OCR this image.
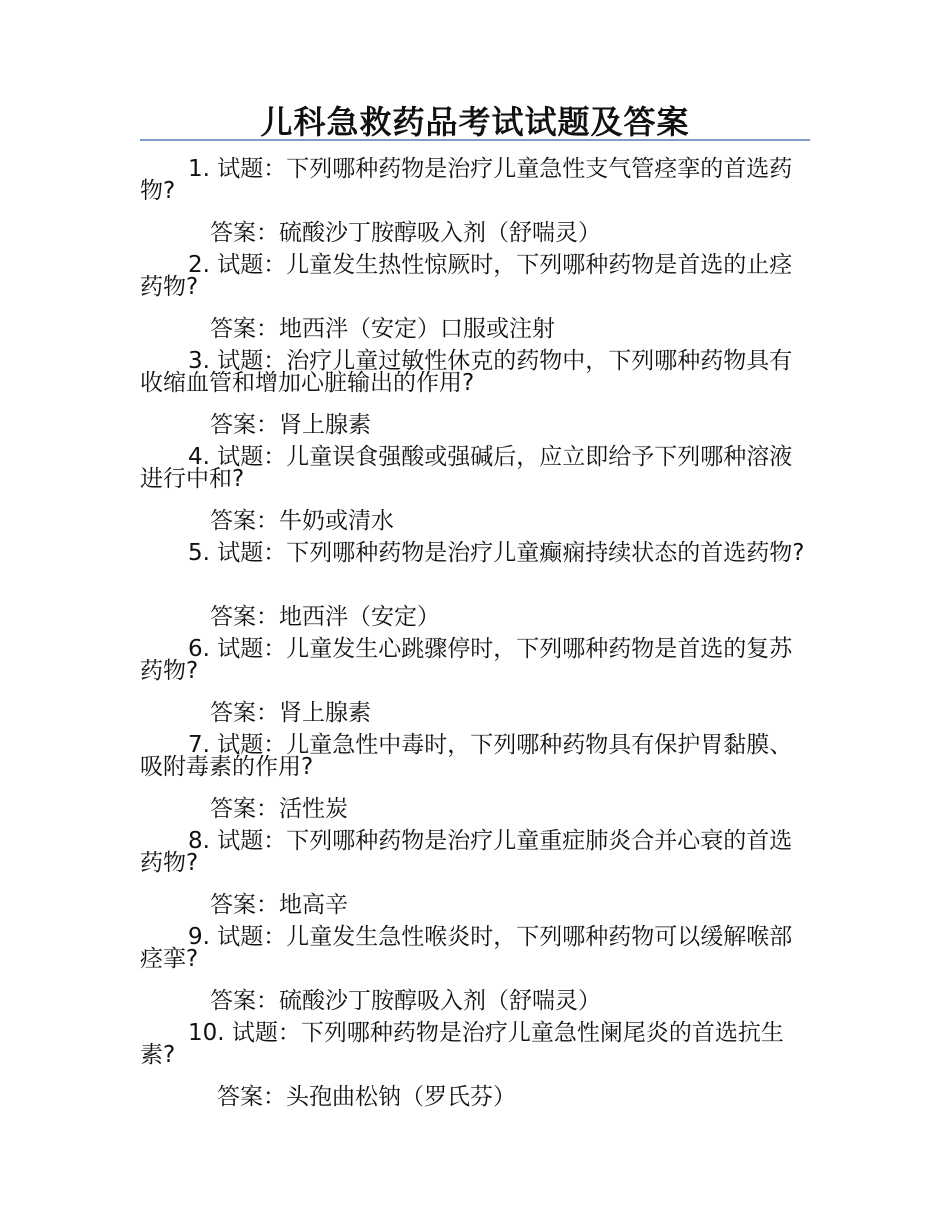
儿科急救药品考试试题及答案
1. 试题：下列哪种药物是治疗儿童急性支气管痉挛的首选药物?
答案：硫酸沙丁胺醇吸入剂（舒喘灵）
2. 试题：儿童发生热性惊厥时，下列哪种药物是首选的止痉药物?
答案：地西泮（安定）口服或注射
3. 试题：治疗儿童过敏性休克的药物中，下列哪种药物具有收缩血管和增加心脏输出的作用?
答案：肾上腺素
4. 试题：儿童误食强酸或强碱后，应立即给予下列哪种溶液进行中和?
答案：牛奶或清水
5. 试题：下列哪种药物是治疗儿童癫痫持续状态的首选药物?
答案：地西泮（安定）
6. 试题：儿童发生心跳骤停时，下列哪种药物是首选的复苏药物?
答案：肾上腺素
7. 试题：儿童急性中毒时，下列哪种药物具有保护胃黏膜、吸附毒素的作用?
答案：活性炭
8. 试题：下列哪种药物是治疗儿童重症肺炎合并心衰的首选药物?
答案：地高辛
9. 试题：儿童发生急性喉炎时，下列哪种药物可以缓解喉部痉挛?
答案：硫酸沙丁胺醇吸入剂（舒喘灵）
10. 试题：下列哪种药物是治疗儿童急性阑尾炎的首选抗生素?
答案：头孢曲松钠（罗氏芬）
